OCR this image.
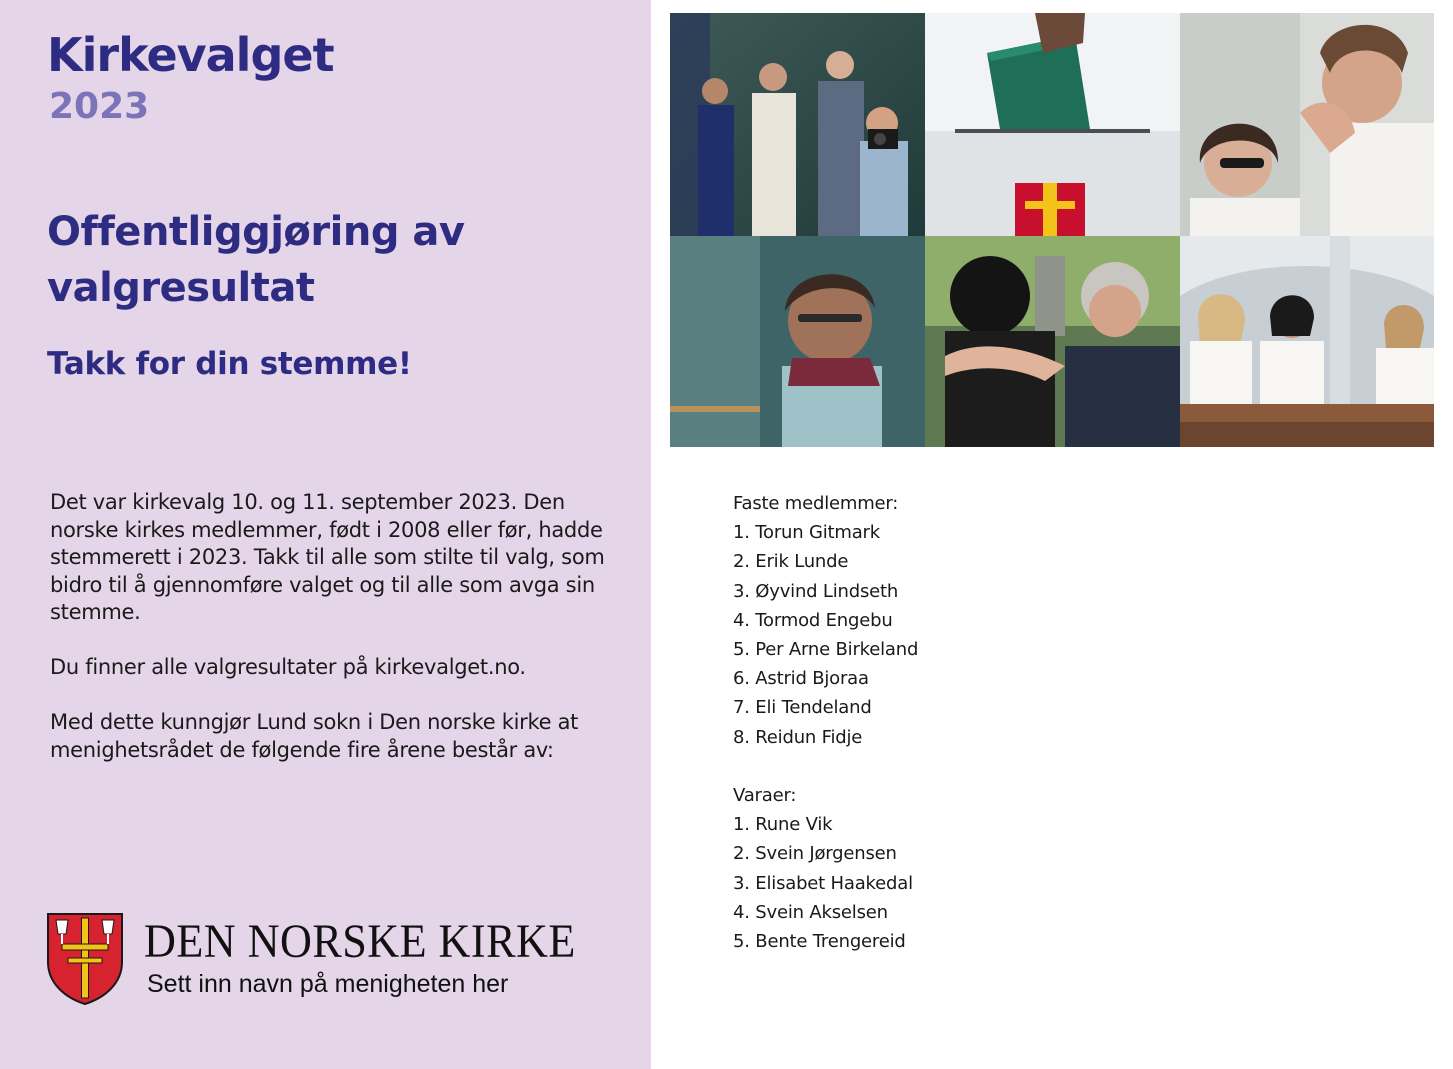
Kirkevalget
2023
Offentliggjøring av valgresultat
Takk for din stemme!

Det var kirkevalg 10. og 11. september 2023. Den norske kirkes medlemmer, født i 2008 eller før, hadde stemmerett i 2023. Takk til alle som stilte til valg, som bidro til å gjennomføre valget og til alle som avga sin stemme.

Du finner alle valgresultater på kirkevalget.no.

Med dette kunngjør Lund sokn i Den norske kirke at menighetsrådet de følgende fire årene består av:

DEN NORSKE KIRKE
Sett inn navn på menigheten her
Faste medlemmer:
1. Torun Gitmark
2. Erik Lunde
3. Øyvind Lindseth
4. Tormod Engebu
5. Per Arne Birkeland
6. Astrid Bjoraa
7. Eli Tendeland
8. Reidun Fidje
Varaer:
1. Rune Vik
2. Svein Jørgensen
3. Elisabet Haakedal
4. Svein Akselsen
5. Bente Trengereid
